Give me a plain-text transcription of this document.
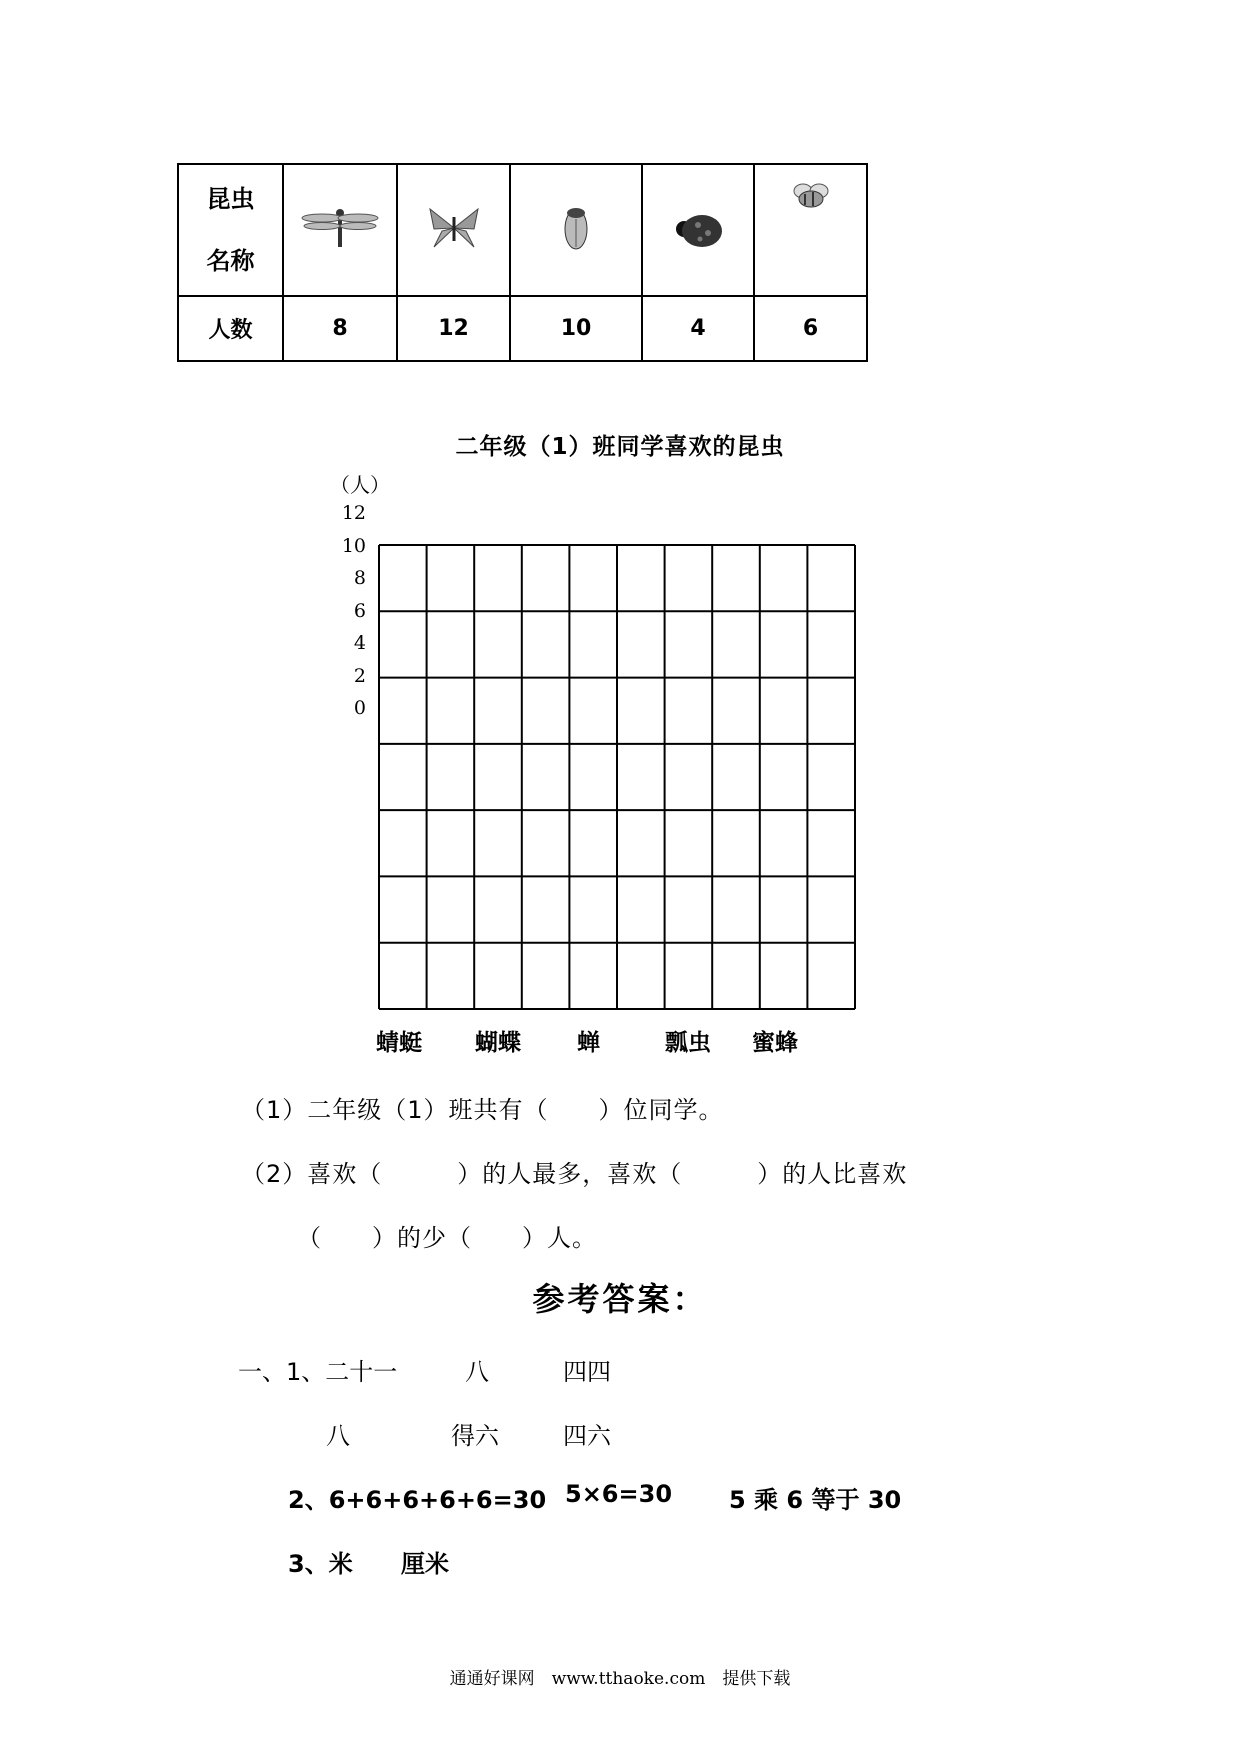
昆虫名称

人数	8	12	10	4	6
二年级（1）班同学喜欢的昆虫
（人）
12
10
8
6
4
2
0
蜻蜓 蝴蝶 蝉	瓢虫 蜜蜂
（1）二年级（1）班共有（　　）位同学。
（2）喜欢（　　　）的人最多，喜欢（　　　）的人比喜欢
（　　）的少（　　）人。
参考答案：
一、1、二十一	八	四四
八	得六	四六
2、6+6+6+6+6=30 5×6=30 5 乘 6 等于 30
3、米 厘米
通通好课网　www.tthaoke.com　提供下载
